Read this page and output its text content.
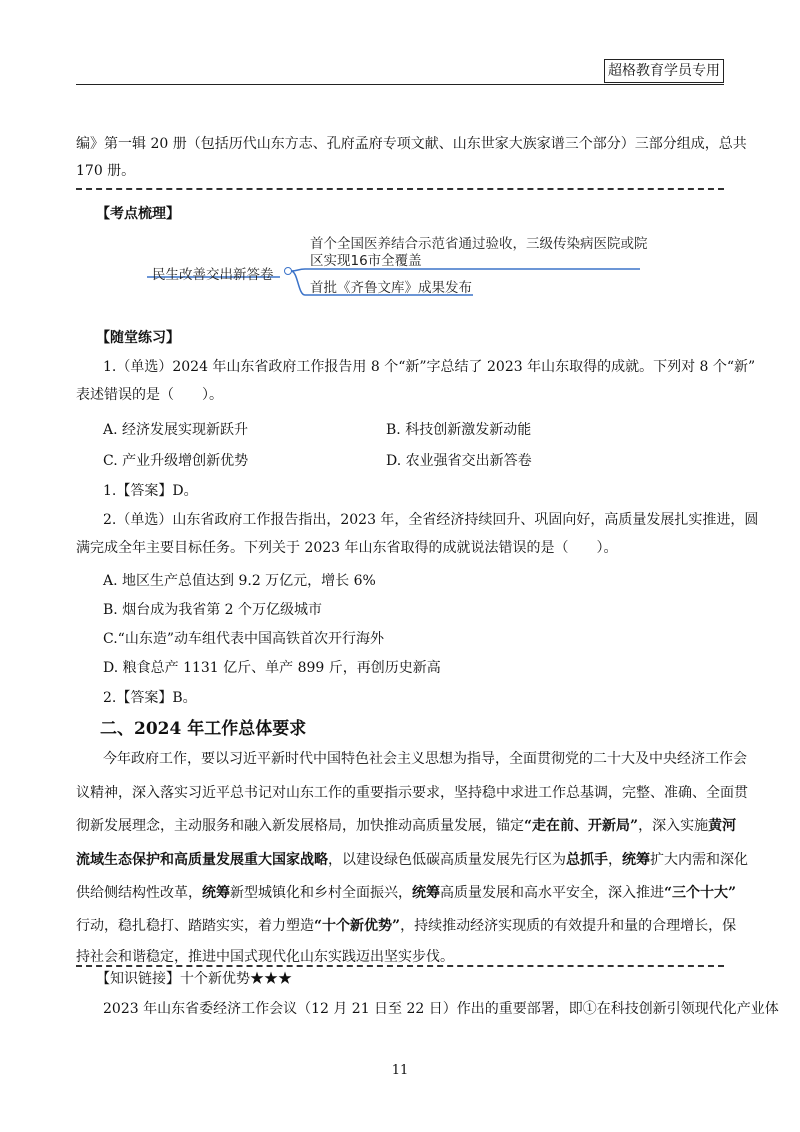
超格教育学员专用
编》第一辑 20 册（包括历代山东方志、孔府孟府专项文献、山东世家大族家谱三个部分）三部分组成，总共
170 册。
【考点梳理】
民生改善交出新答卷
首个全国医养结合示范省通过验收，三级传染病医院或院
区实现16市全覆盖
首批《齐鲁文库》成果发布
【随堂练习】
1.（单选）2024 年山东省政府工作报告用 8 个“新”字总结了 2023 年山东取得的成就。下列对 8 个“新”
表述错误的是（　　）。
A. 经济发展实现新跃升	B. 科技创新激发新动能
C. 产业升级增创新优势	D. 农业强省交出新答卷
1.【答案】D。
2.（单选）山东省政府工作报告指出，2023 年，全省经济持续回升、巩固向好，高质量发展扎实推进，圆
满完成全年主要目标任务。下列关于 2023 年山东省取得的成就说法错误的是（　　）。
A. 地区生产总值达到 9.2 万亿元，增长 6%
B. 烟台成为我省第 2 个万亿级城市
C.“山东造”动车组代表中国高铁首次开行海外
D. 粮食总产 1131 亿斤、单产 899 斤，再创历史新高
2.【答案】B。
二、2024 年工作总体要求
今年政府工作，要以习近平新时代中国特色社会主义思想为指导，全面贯彻党的二十大及中央经济工作会
议精神，深入落实习近平总书记对山东工作的重要指示要求，坚持稳中求进工作总基调，完整、准确、全面贯
彻新发展理念，主动服务和融入新发展格局，加快推动高质量发展，锚定“走在前、开新局”，深入实施黄河
流域生态保护和高质量发展重大国家战略，以建设绿色低碳高质量发展先行区为总抓手，统筹扩大内需和深化
供给侧结构性改革，统筹新型城镇化和乡村全面振兴，统筹高质量发展和高水平安全，深入推进“三个十大”
行动，稳扎稳打、踏踏实实，着力塑造“十个新优势”，持续推动经济实现质的有效提升和量的合理增长，保
持社会和谐稳定，推进中国式现代化山东实践迈出坚实步伐。
【知识链接】十个新优势★★★
2023 年山东省委经济工作会议（12 月 21 日至 22 日）作出的重要部署，即①在科技创新引领现代化产业体
11
